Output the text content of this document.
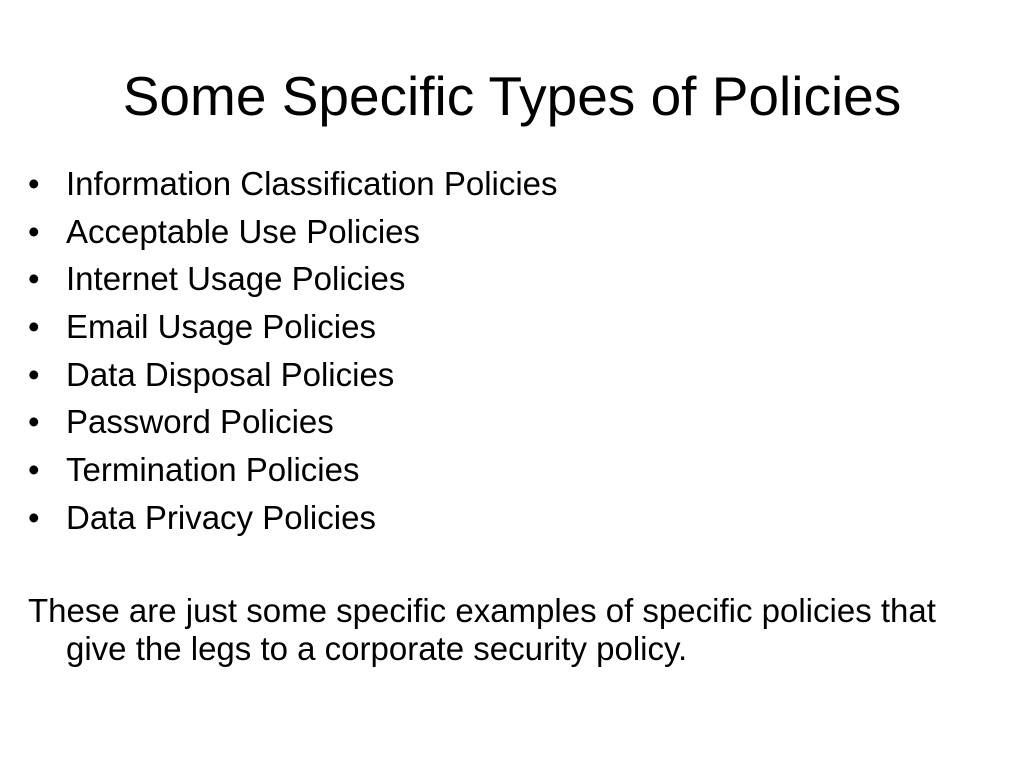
Some Specific Types of Policies
• Information Classification Policies
• Acceptable Use Policies
• Internet Usage Policies
• Email Usage Policies
• Data Disposal Policies
• Password Policies
• Termination Policies
• Data Privacy Policies

These are just some specific examples of specific policies that give the legs to a corporate security policy.
